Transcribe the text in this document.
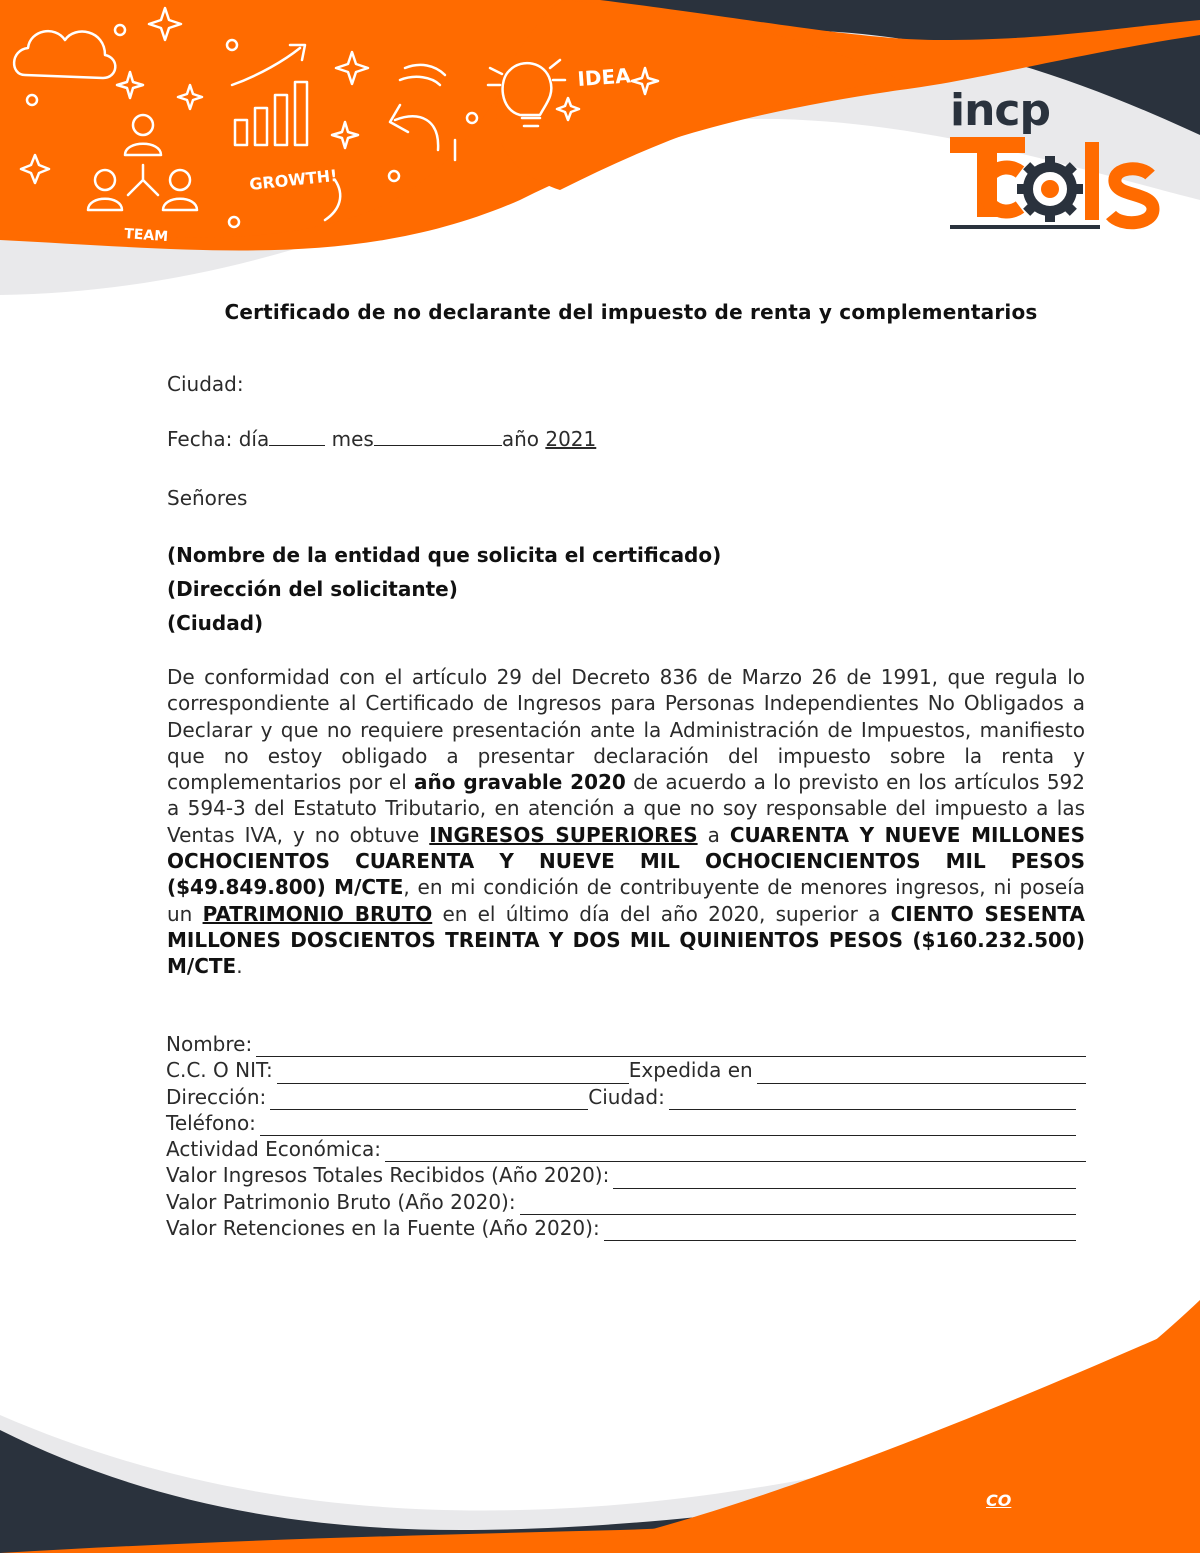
IDEA
GROWTH!
TEAM
incp
Certificado de no declarante del impuesto de renta y complementarios
Ciudad:
Fecha: día	mes	año 2021
Señores
(Nombre de la entidad que solicita el certificado)
(Dirección del solicitante)
(Ciudad)
De conformidad con el artículo 29 del Decreto 836 de Marzo 26 de 1991, que regula lo correspondiente al Certificado de Ingresos para Personas Independientes No Obligados a Declarar y que no requiere presentación ante la Administración de Impuestos, manifiesto que no estoy obligado a presentar declaración del impuesto sobre la renta y complementarios por el año gravable 2020 de acuerdo a lo previsto en los artículos 592 a 594-3 del Estatuto Tributario, en atención a que no soy responsable del impuesto a las Ventas IVA, y no obtuve INGRESOS SUPERIORES a CUARENTA Y NUEVE MILLONES OCHOCIENTOS CUARENTA Y NUEVE MIL OCHOCIENCIENTOS MIL PESOS ($49.849.800) M/CTE, en mi condición de contribuyente de menores ingresos, ni poseía un PATRIMONIO BRUTO en el último día del año 2020, superior a CIENTO SESENTA MILLONES DOSCIENTOS TREINTA Y DOS MIL QUINIENTOS PESOS ($160.232.500) M/CTE.
Nombre:
C.C. O NIT:	Expedida en
Dirección:	Ciudad:
Teléfono:
Actividad Económica:
Valor Ingresos Totales Recibidos (Año 2020):
Valor Patrimonio Bruto (Año 2020):
Valor Retenciones en la Fuente (Año 2020):
CO
